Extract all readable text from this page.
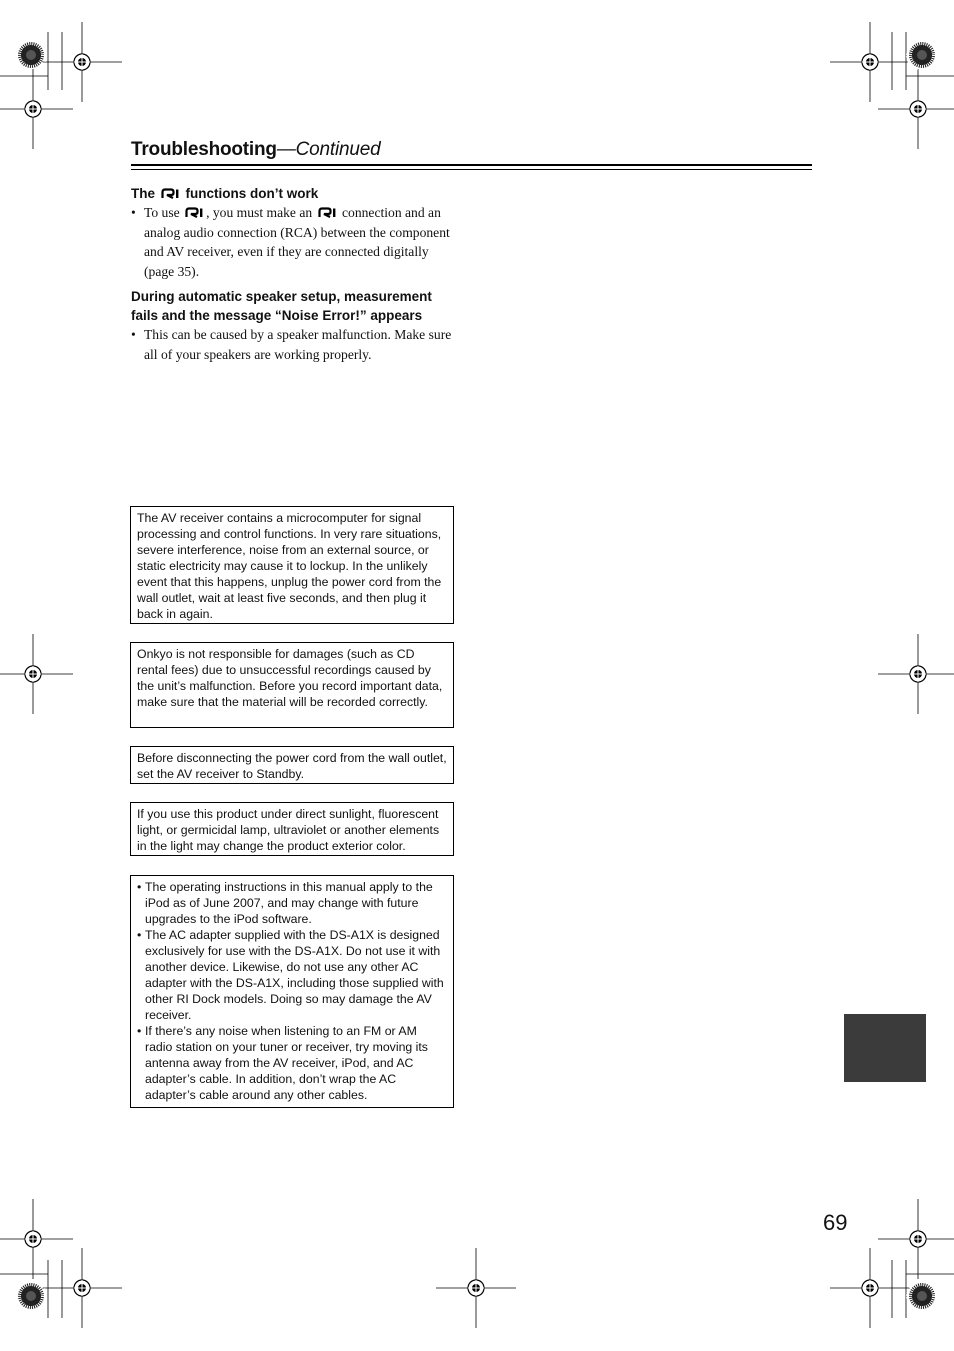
Troubleshooting—Continued
The functions don’t work
• To use , you must make an connection and an analog audio connection (RCA) between the component and AV receiver, even if they are connected digitally (page 35).
During automatic speaker setup, measurement fails and the message “Noise Error!” appears
• This can be caused by a speaker malfunction. Make sure all of your speakers are working properly.
The AV receiver contains a microcomputer for signal processing and control functions. In very rare situations, severe interference, noise from an external source, or static electricity may cause it to lockup. In the unlikely event that this happens, unplug the power cord from the wall outlet, wait at least five seconds, and then plug it back in again.
Onkyo is not responsible for damages (such as CD rental fees) due to unsuccessful recordings caused by the unit’s malfunction. Before you record important data, make sure that the material will be recorded correctly.
Before disconnecting the power cord from the wall outlet, set the AV receiver to Standby.
If you use this product under direct sunlight, fluorescent light, or germicidal lamp, ultraviolet or another elements in the light may change the product exterior color.
• The operating instructions in this manual apply to the iPod as of June 2007, and may change with future upgrades to the iPod software.
• The AC adapter supplied with the DS-A1X is designed exclusively for use with the DS-A1X. Do not use it with another device. Likewise, do not use any other AC adapter with the DS-A1X, including those supplied with other RI Dock models. Doing so may damage the AV receiver.
• If there’s any noise when listening to an FM or AM radio station on your tuner or receiver, try moving its antenna away from the AV receiver, iPod, and AC adapter’s cable. In addition, don’t wrap the AC adapter’s cable around any other cables.
69
